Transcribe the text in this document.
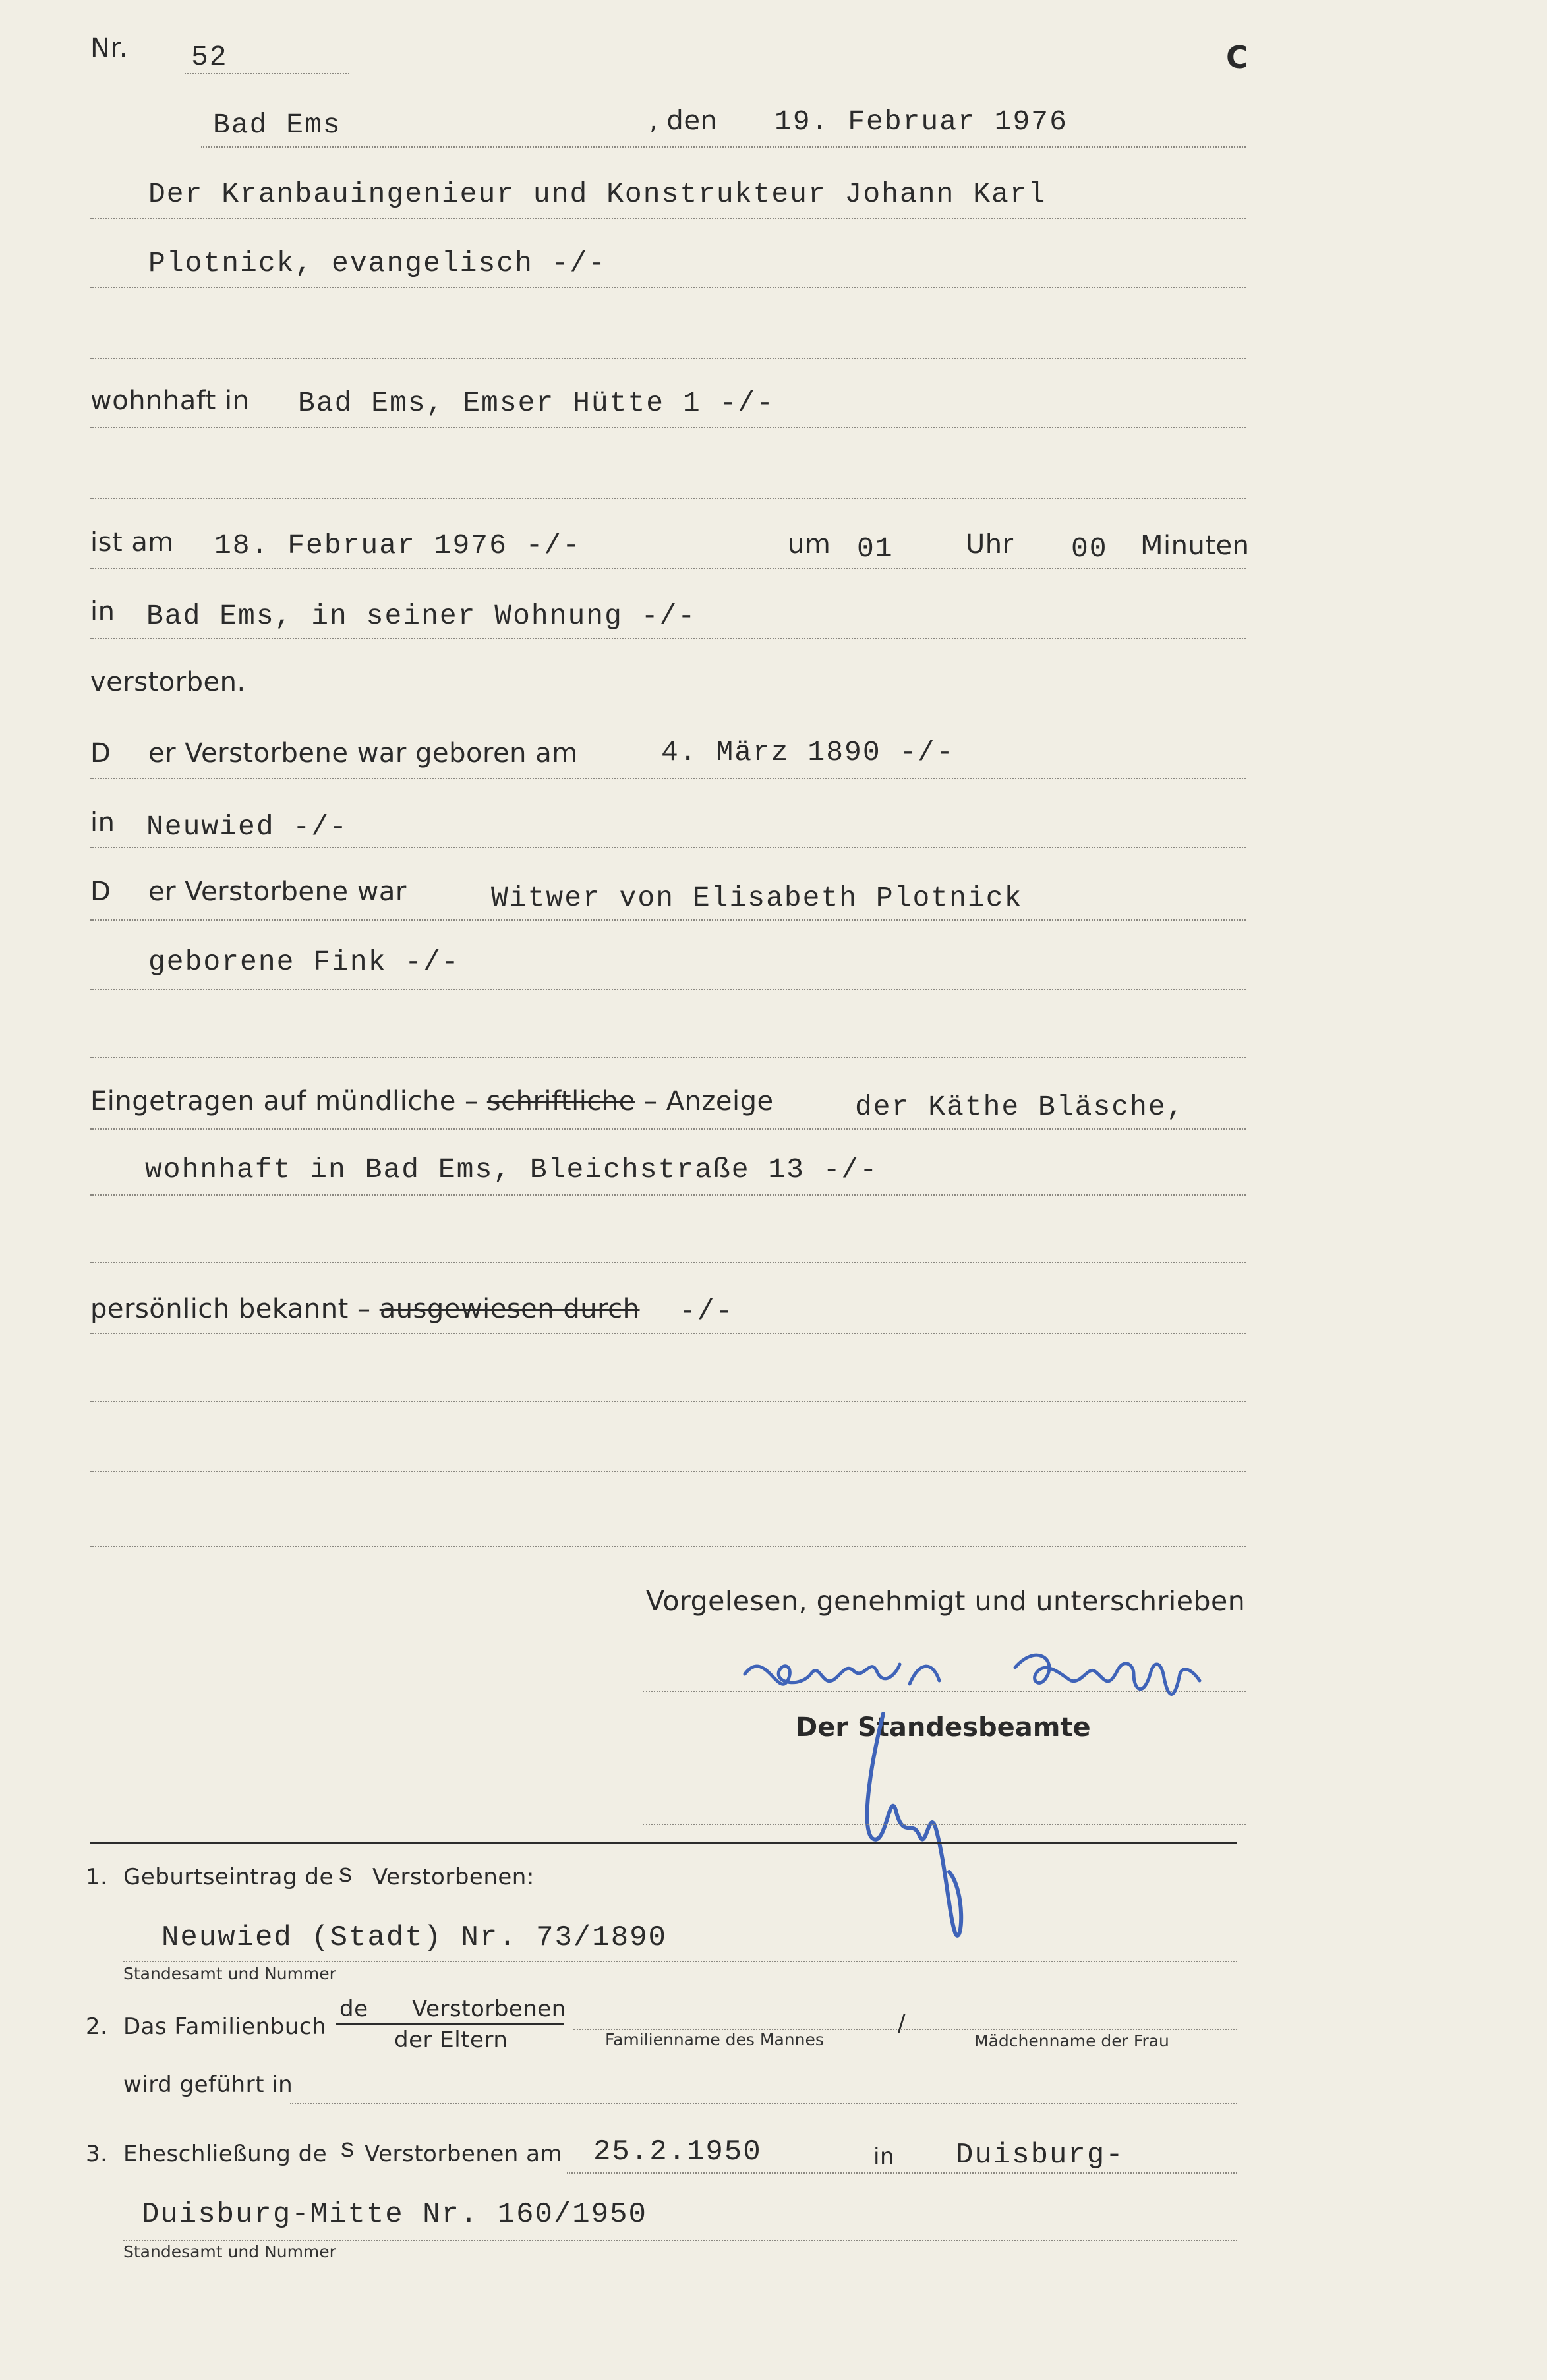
Nr. 52	C
Bad Ems	, den 19. Februar 1976
Der Kranbauingenieur und Konstrukteur Johann Karl
Plotnick, evangelisch -/-
wohnhaft in Bad Ems, Emser Hütte 1 -/-
ist am 18. Februar 1976 -/-	um 01	Uhr 00 Minuten
in Bad Ems, in seiner Wohnung -/-
verstorben.
D er Verstorbene war geboren am	4. März 1890 -/-
in Neuwied -/-
D er Verstorbene war	Witwer von Elisabeth Plotnick
geborene Fink -/-
Eingetragen auf mündliche – schriftliche – Anzeige	der Käthe Bläsche,
wohnhaft in Bad Ems, Bleichstraße 13 -/-
persönlich bekannt – ausgewiesen durch -/-
Vorgelesen, genehmigt und unterschrieben
Der Standesbeamte
1. Geburtseintrag de s Verstorbenen:
Neuwied (Stadt) Nr. 73/1890
Standesamt und Nummer
2. Das Familienbuch
de Verstorbenen
der Eltern	Familienname des Mannes
/
Mädchenname der Frau
wird geführt in
3. Eheschließung de s Verstorbenen am 25.2.1950	in Duisburg-
Duisburg-Mitte Nr. 160/1950
Standesamt und Nummer
